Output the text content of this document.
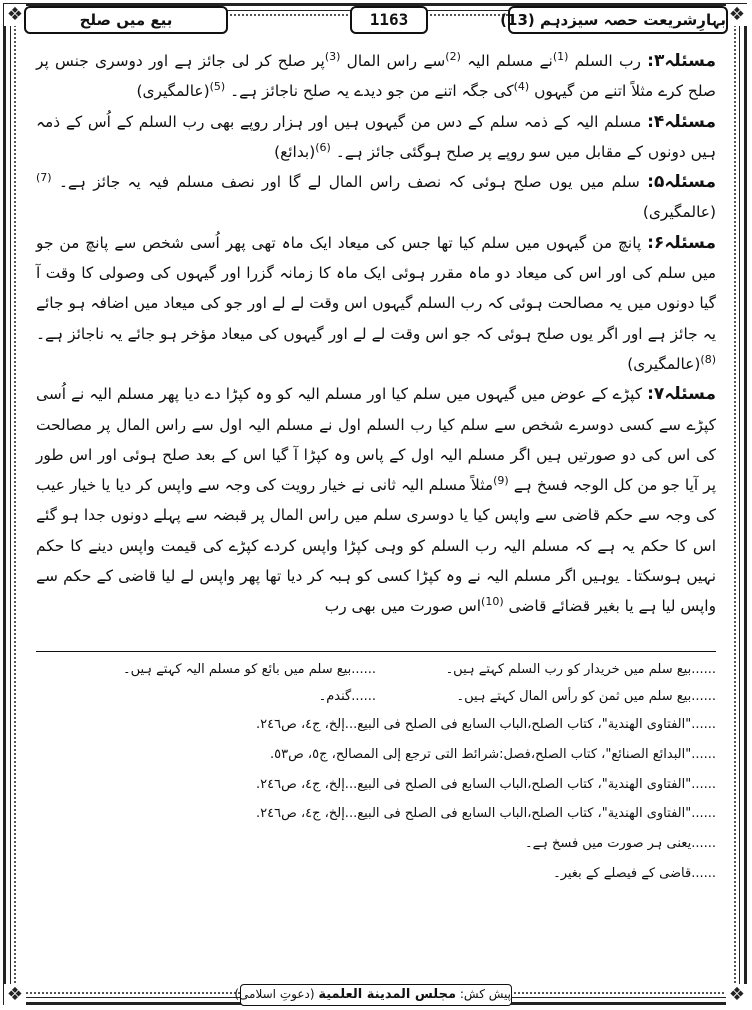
❖	❖
❖	❖
بہارِشریعت حصہ سیزدہم (13)
1163
بیع میں صلح

مسئلہ۳: رب السلم $^{(1)}$نے مسلم الیہ $^{(2)}$سے راس المال $^{(3)}$پر صلح کر لی جائز ہے اور دوسری جنس پر صلح کرے مثلاً اتنے من گیہوں $^{(4)}$کی جگہ اتنے من جو دیدے یہ صلح ناجائز ہے۔ $^{(5)}$(عالمگیری)

مسئلہ۴: مسلم الیہ کے ذمہ سلم کے دس من گیہوں ہیں اور ہزار روپے بھی رب السلم کے اُس کے ذمہ ہیں دونوں کے مقابل میں سو روپے پر صلح ہوگئی جائز ہے۔ $^{(6)}$(بدائع)

مسئلہ۵: سلم میں یوں صلح ہوئی کہ نصف راس المال لے گا اور نصف مسلم فیہ یہ جائز ہے۔ $^{(7)}$(عالمگیری)

مسئلہ۶: پانچ من گیہوں میں سلم کیا تھا جس کی میعاد ایک ماہ تھی پھر اُسی شخص سے پانچ من جو میں سلم کی اور اس کی میعاد دو ماہ مقرر ہوئی ایک ماہ کا زمانہ گزرا اور گیہوں کی وصولی کا وقت آ گیا دونوں میں یہ مصالحت ہوئی کہ رب السلم گیہوں اس وقت لے لے اور جو کی میعاد میں اضافہ ہو جائے یہ جائز ہے اور اگر یوں صلح ہوئی کہ جو اس وقت لے لے اور گیہوں کی میعاد مؤخر ہو جائے یہ ناجائز ہے۔ $^{(8)}$(عالمگیری)

مسئلہ۷: کپڑے کے عوض میں گیہوں میں سلم کیا اور مسلم الیہ کو وہ کپڑا دے دیا پھر مسلم الیہ نے اُسی کپڑے سے کسی دوسرے شخص سے سلم کیا رب السلم اول نے مسلم الیہ اول سے راس المال پر مصالحت کی اس کی دو صورتیں ہیں اگر مسلم الیہ اول کے پاس وہ کپڑا آ گیا اس کے بعد صلح ہوئی اور اس طور پر آیا جو من کل الوجہ فسخ ہے $^{(9)}$مثلاً مسلم الیہ ثانی نے خیار رویت کی وجہ سے واپس کر دیا یا خیار عیب کی وجہ سے حکم قاضی سے واپس کیا یا دوسری سلم میں راس المال پر قبضہ سے پہلے دونوں جدا ہو گئے اس کا حکم یہ ہے کہ مسلم الیہ رب السلم کو وہی کپڑا واپس کردے کپڑے کی قیمت واپس دینے کا حکم نہیں ہوسکتا۔ یوہیں اگر مسلم الیہ نے وہ کپڑا کسی کو ہبہ کر دیا تھا پھر واپس لے لیا قاضی کے حکم سے واپس لیا ہے یا بغیر قضائے قاضی $^{(10)}$اس صورت میں بھی رب

......بیع سلم میں خریدار کو رب السلم کہتے ہیں۔
......بیع سلم میں بائع کو مسلم الیہ کہتے ہیں۔
......بیع سلم میں ثمن کو رأس المال کہتے ہیں۔
......گندم۔
......"الفتاوی الهندیة"، کتاب الصلح،الباب السابع فی الصلح فی البیع...إلخ، ج٤، ص٢٤٦.
......"البدائع الصنائع"، کتاب الصلح،فصل:شرائط التی ترجع إلی المصالح، ج٥، ص٥٣.
......"الفتاوی الهندیة"، کتاب الصلح،الباب السابع فی الصلح فی البیع...إلخ، ج٤، ص٢٤٦.
......"الفتاوی الهندیة"، کتاب الصلح،الباب السابع فی الصلح فی البیع...إلخ، ج٤، ص٢٤٦.
......یعنی ہر صورت میں فسخ ہے۔
......قاضی کے فیصلے کے بغیر۔
پیش کش: مجلس المدینة العلمیة (دعوتِ اسلامی)
